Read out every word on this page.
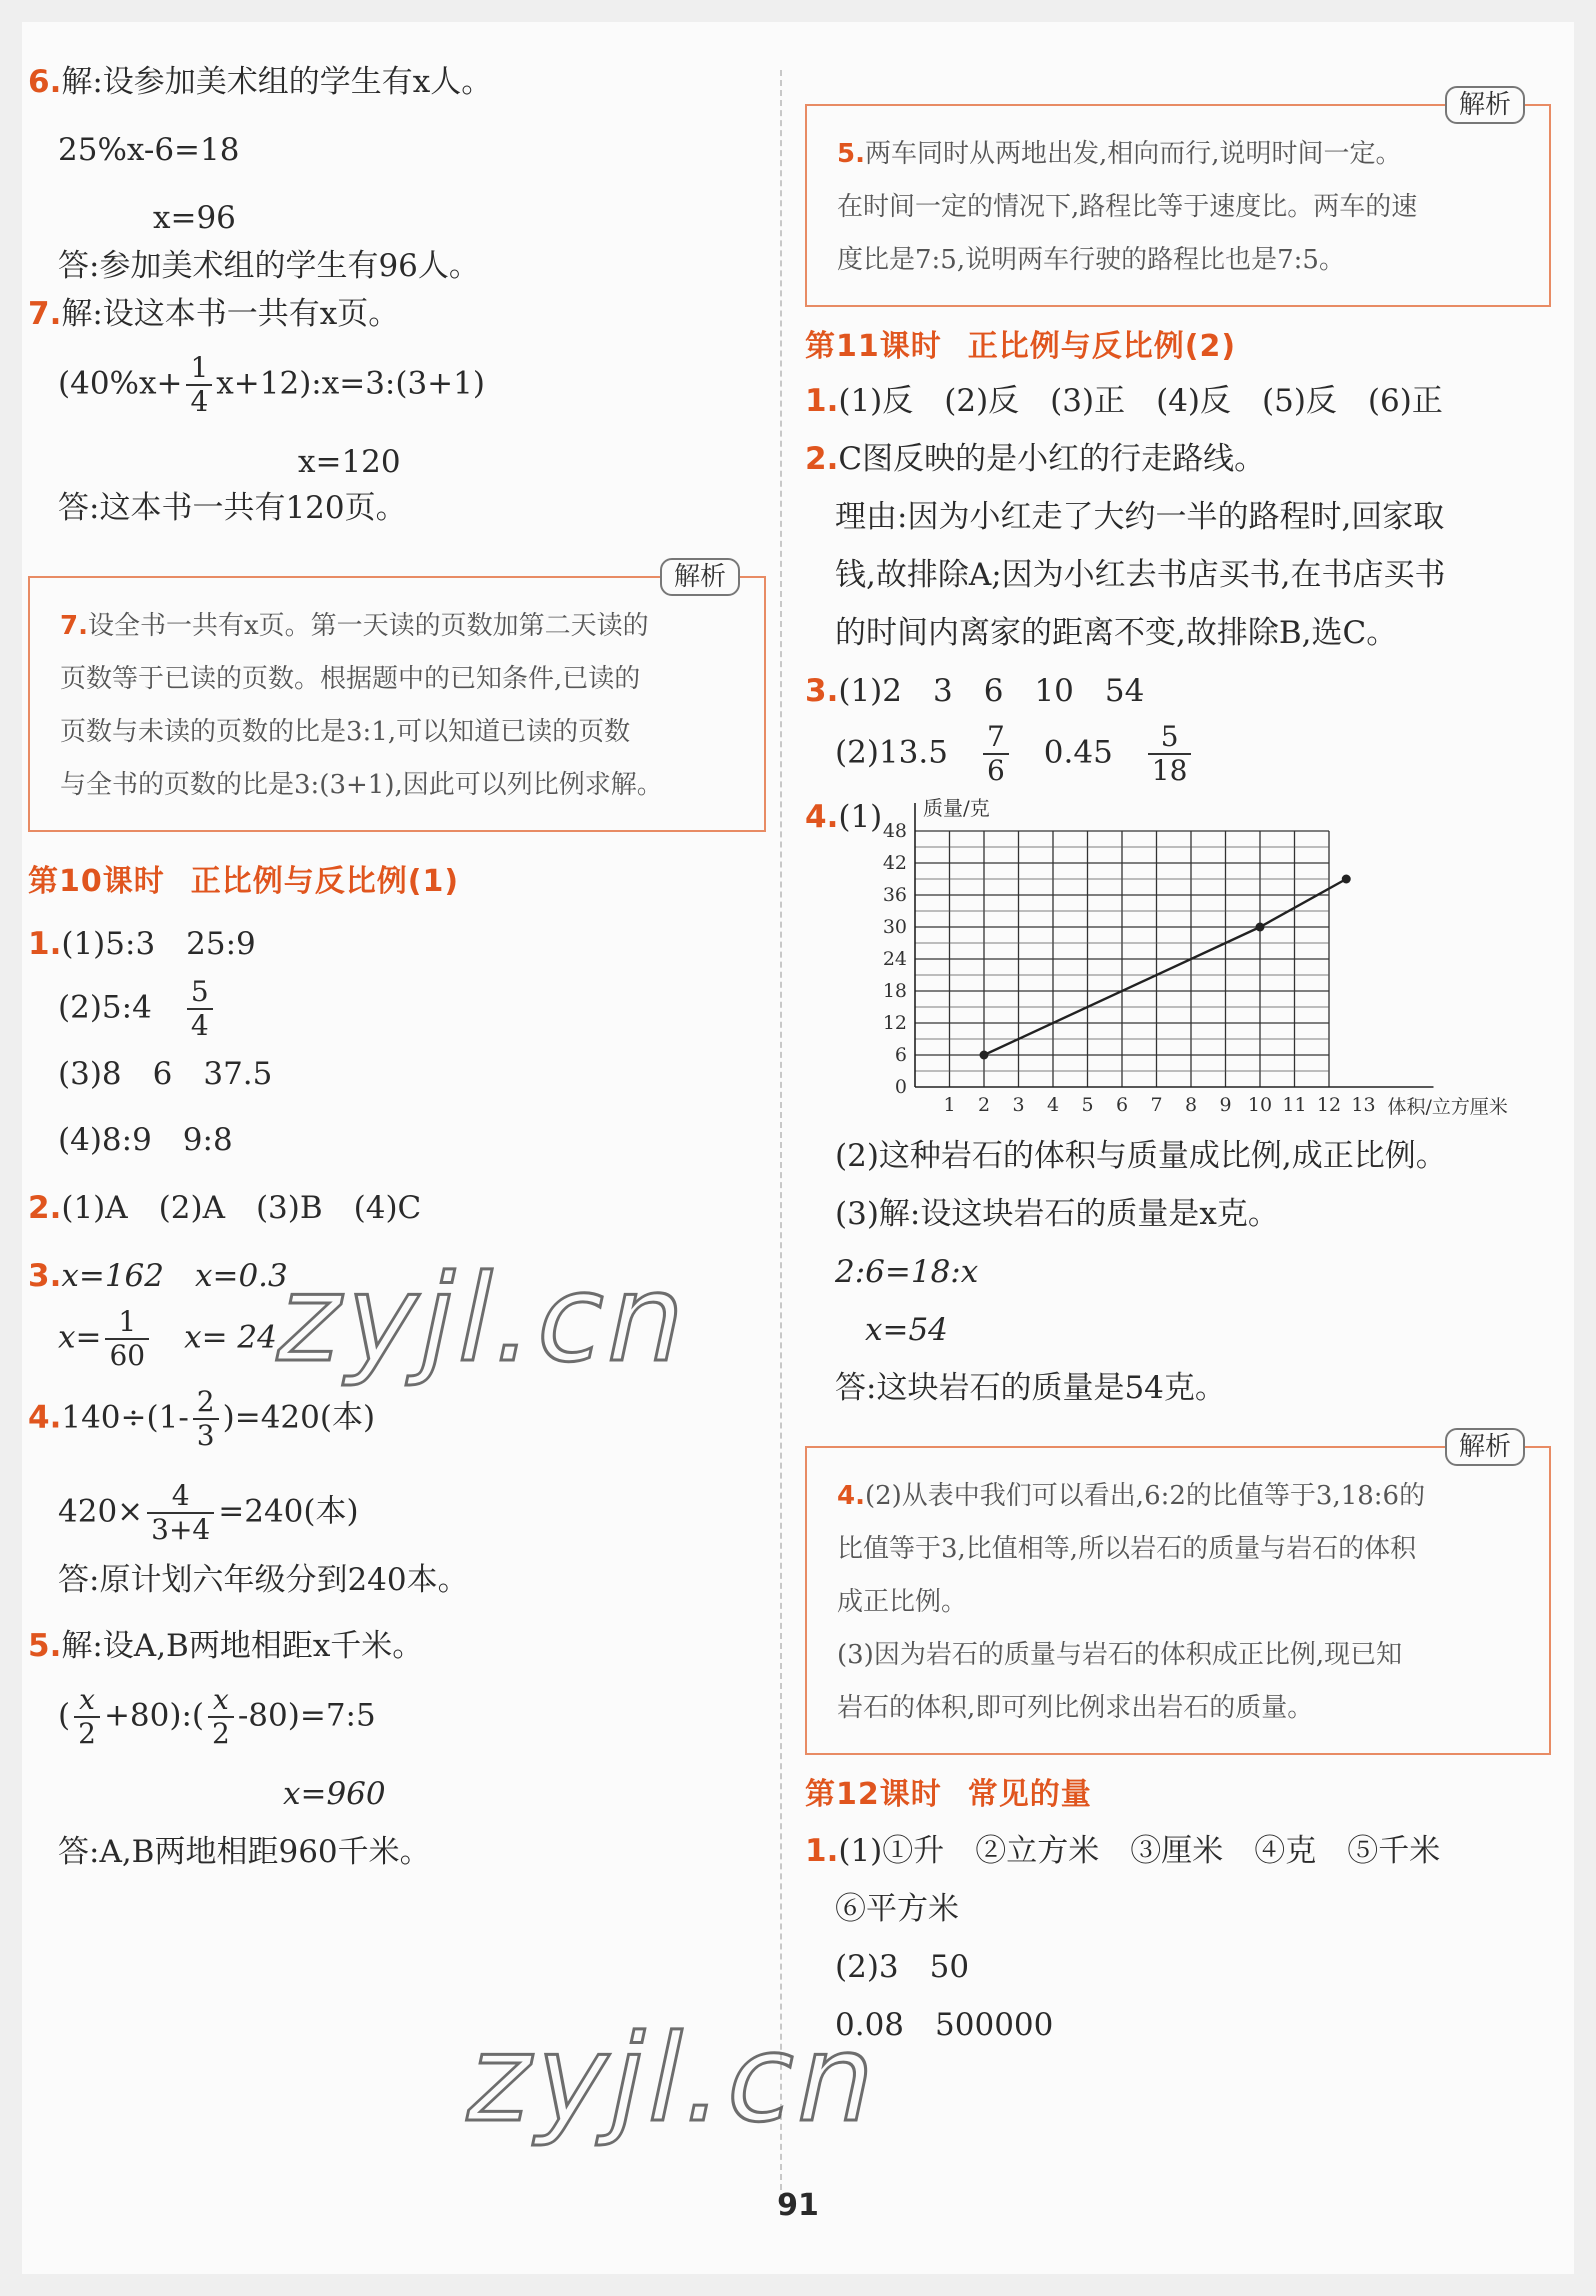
6.解:设参加美术组的学生有x人。
25%x-6=18
x=96
答:参加美术组的学生有96人。
7.解:设这本书一共有x页。
($40\%x+ \frac{1}{4}$ x+12):x=3:(3+1)
x=120
答:这本书一共有120页。
解析

7.设全书一共有x页。第一天读的页数加第二天读的

页数等于已读的页数。根据题中的已知条件,已读的

页数与未读的页数的比是3:1,可以知道已读的页数

与全书的页数的比是3:(3+1),因此可以列比例求解。

第10课时 正比例与反比例(1)
1.(1)5:3　25:9
(2)5:4　 $\frac{5}{4}$
(3)8　6　37.5
(4)8:9　9:8
2.(1)A　(2)A　(3)B　(4)C
3.x=162　x=0.3
$x= \frac{1}{60}$
　 x= 24
$4.140\div(1- \frac{2}{3} )=420$(本)
$420\times \frac{4}{3+4} =240$(本)
答:原计划六年级分到240本。
5.解:设A,B两地相距x千米。
( $\frac{x}{2}$ +80):( $\frac{x}{2}$ -80)=7:5
x=960
答:A,B两地相距960千米。
解析

5.两车同时从两地出发,相向而行,说明时间一定。

在时间一定的情况下,路程比等于速度比。两车的速

度比是7:5,说明两车行驶的路程比也是7:5。

第11课时 正比例与反比例(2)
1.(1)反　(2)反　(3)正　(4)反　(5)反　(6)正
2.C图反映的是小红的行走路线。
理由:因为小红走了大约一半的路程时,回家取
钱,故排除A;因为小红去书店买书,在书店买书
的时间内离家的距离不变,故排除B,选C。
3.(1)2　3　6　10　54
(2)13.5　 $\frac{7}{6}$
　 0.45　 $\frac{5}{18}$
4.(1)
0
6
12
18
24
30
36
42
48
1 2 3 4 5 6 7 8 9 10 11 12 13
质量/克
体积/立方厘米
(2)这种岩石的体积与质量成比例,成正比例。
(3)解:设这块岩石的质量是x克。
2:6=18:x
x=54
答:这块岩石的质量是54克。
解析

4.(2)从表中我们可以看出,6:2的比值等于3,18:6的

比值等于3,比值相等,所以岩石的质量与岩石的体积

成正比例。

(3)因为岩石的质量与岩石的体积成正比例,现已知

岩石的体积,即可列比例求出岩石的质量。

第12课时 常见的量
1.(1)①升　②立方米　③厘米　④克　⑤千米
⑥平方米
(2)3　50
0.08　500000
zyjl.cn
zyjl.cn
91
